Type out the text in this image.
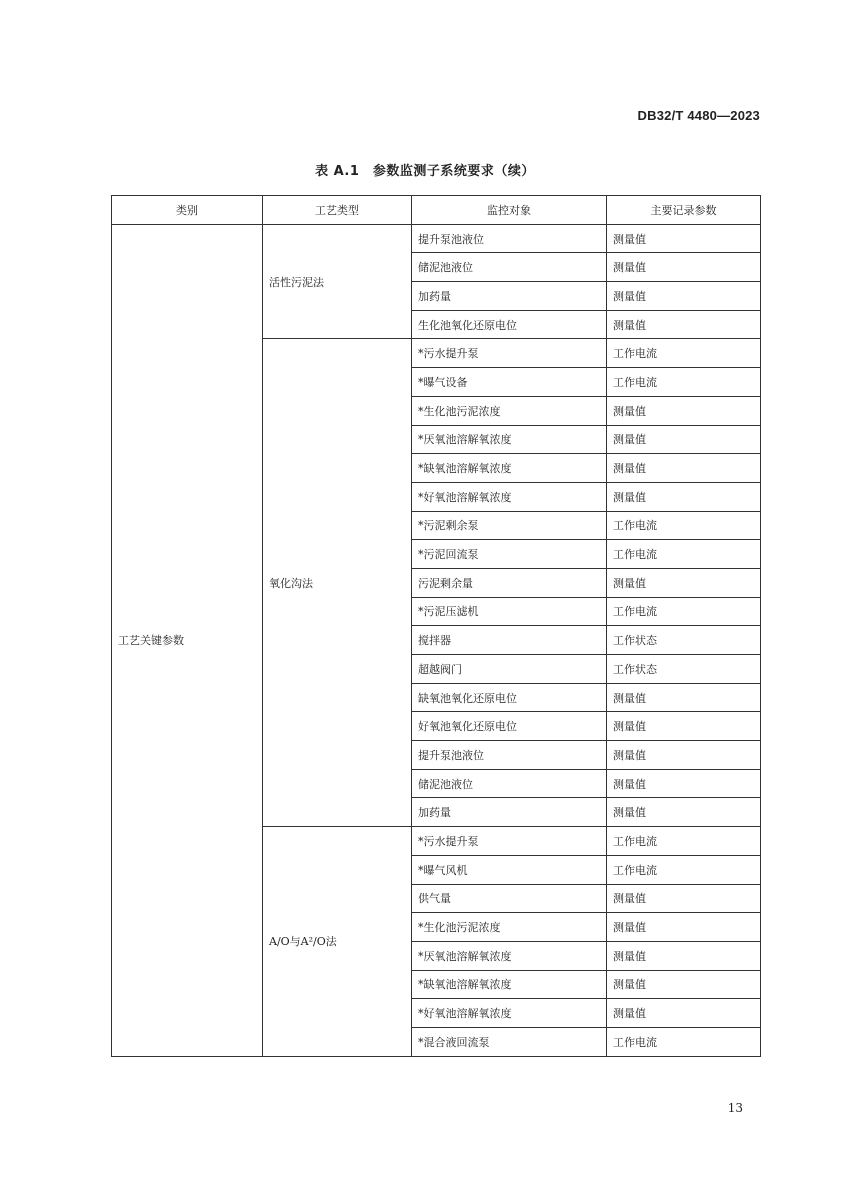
DB32/T 4480—2023
表 A.1　参数监测子系统要求（续）
类别	工艺类型	监控对象	主要记录参数
工艺关键参数	活性污泥法	提升泵池液位	测量值
		储泥池液位	测量值
		加药量	测量值
		生化池氧化还原电位	测量值
	氧化沟法	*污水提升泵	工作电流
		*曝气设备	工作电流
		*生化池污泥浓度	测量值
		*厌氧池溶解氧浓度	测量值
		*缺氧池溶解氧浓度	测量值
		*好氧池溶解氧浓度	测量值
		*污泥剩余泵	工作电流
		*污泥回流泵	工作电流
		污泥剩余量	测量值
		*污泥压滤机	工作电流
		搅拌器	工作状态
		超越阀门	工作状态
		缺氧池氧化还原电位	测量值
		好氧池氧化还原电位	测量值
		提升泵池液位	测量值
		储泥池液位	测量值
		加药量	测量值
	A/O与A²/O法	*污水提升泵	工作电流
		*曝气风机	工作电流
		供气量	测量值
		*生化池污泥浓度	测量值
		*厌氧池溶解氧浓度	测量值
		*缺氧池溶解氧浓度	测量值
		*好氧池溶解氧浓度	测量值
		*混合液回流泵	工作电流
13
